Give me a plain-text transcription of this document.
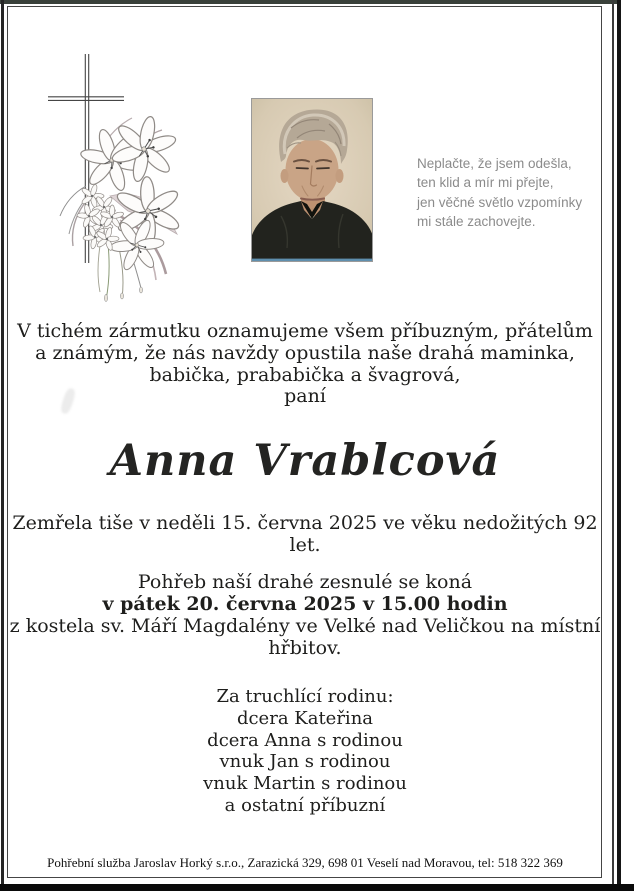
Neplačte, že jsem odešla,
ten klid a mír mi přejte,
jen věčné světlo vzpomínky
mi stále zachovejte.
V tichém zármutku oznamujeme všem příbuzným, přátelům
a známým, že nás navždy opustila naše drahá maminka,
babička, prababička a švagrová,
paní
Anna Vrablcová
Zemřela tiše v neděli 15. června 2025 ve věku nedožitých 92 let.
Pohřeb naší drahé zesnulé se koná
v pátek 20. června 2025 v 15.00 hodin
z kostela sv. Máří Magdalény ve Velké nad Veličkou na místní hřbitov.
Za truchlící rodinu:
dcera Kateřina
dcera Anna s rodinou
vnuk Jan s rodinou
vnuk Martin s rodinou
a ostatní příbuzní
Pohřební služba Jaroslav Horký s.r.o., Zarazická 329, 698 01 Veselí nad Moravou, tel: 518 322 369
